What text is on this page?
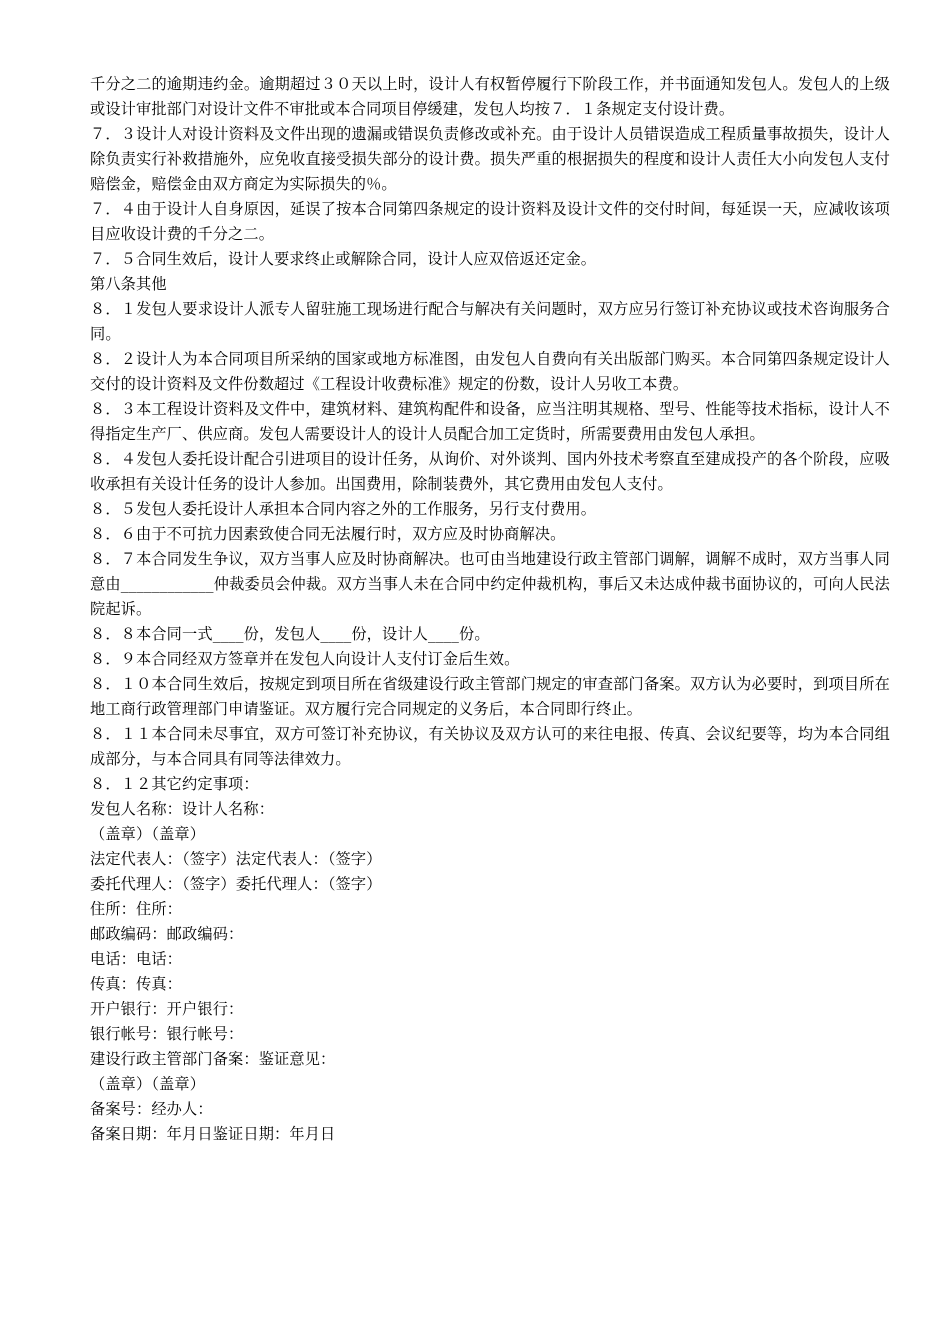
千分之二的逾期违约金。逾期超过３０天以上时，设计人有权暂停履行下阶段工作，并书面通知发包人。发包人的上级或设计审批部门对设计文件不审批或本合同项目停缓建，发包人均按７．１条规定支付设计费。

７．３设计人对设计资料及文件出现的遗漏或错误负责修改或补充。由于设计人员错误造成工程质量事故损失，设计人除负责实行补救措施外，应免收直接受损失部分的设计费。损失严重的根据损失的程度和设计人责任大小向发包人支付赔偿金，赔偿金由双方商定为实际损失的％。

７．４由于设计人自身原因，延误了按本合同第四条规定的设计资料及设计文件的交付时间，每延误一天，应减收该项目应收设计费的千分之二。

７．５合同生效后，设计人要求终止或解除合同，设计人应双倍返还定金。

第八条其他

８．１发包人要求设计人派专人留驻施工现场进行配合与解决有关问题时，双方应另行签订补充协议或技术咨询服务合同。

８．２设计人为本合同项目所采纳的国家或地方标准图，由发包人自费向有关出版部门购买。本合同第四条规定设计人交付的设计资料及文件份数超过《工程设计收费标准》规定的份数，设计人另收工本费。

８．３本工程设计资料及文件中，建筑材料、建筑构配件和设备，应当注明其规格、型号、性能等技术指标，设计人不得指定生产厂、供应商。发包人需要设计人的设计人员配合加工定货时，所需要费用由发包人承担。

８．４发包人委托设计配合引进项目的设计任务，从询价、对外谈判、国内外技术考察直至建成投产的各个阶段，应吸收承担有关设计任务的设计人参加。出国费用，除制装费外，其它费用由发包人支付。

８．５发包人委托设计人承担本合同内容之外的工作服务，另行支付费用。

８．６由于不可抗力因素致使合同无法履行时，双方应及时协商解决。

８．７本合同发生争议，双方当事人应及时协商解决。也可由当地建设行政主管部门调解，调解不成时，双方当事人同意由____________仲裁委员会仲裁。双方当事人未在合同中约定仲裁机构，事后又未达成仲裁书面协议的，可向人民法院起诉。

８．８本合同一式____份，发包人____份，设计人____份。

８．９本合同经双方签章并在发包人向设计人支付订金后生效。

８．１０本合同生效后，按规定到项目所在省级建设行政主管部门规定的审查部门备案。双方认为必要时，到项目所在地工商行政管理部门申请鉴证。双方履行完合同规定的义务后，本合同即行终止。

８．１１本合同未尽事宜，双方可签订补充协议，有关协议及双方认可的来往电报、传真、会议纪要等，均为本合同组成部分，与本合同具有同等法律效力。

８．１２其它约定事项：

发包人名称：设计人名称：

（盖章）（盖章）

法定代表人：（签字）法定代表人：（签字）

委托代理人：（签字）委托代理人：（签字）

住所：住所：

邮政编码：邮政编码：

电话：电话：

传真：传真：

开户银行：开户银行：

银行帐号：银行帐号：

建设行政主管部门备案：鉴证意见：

（盖章）（盖章）

备案号：经办人：

备案日期：年月日鉴证日期：年月日
